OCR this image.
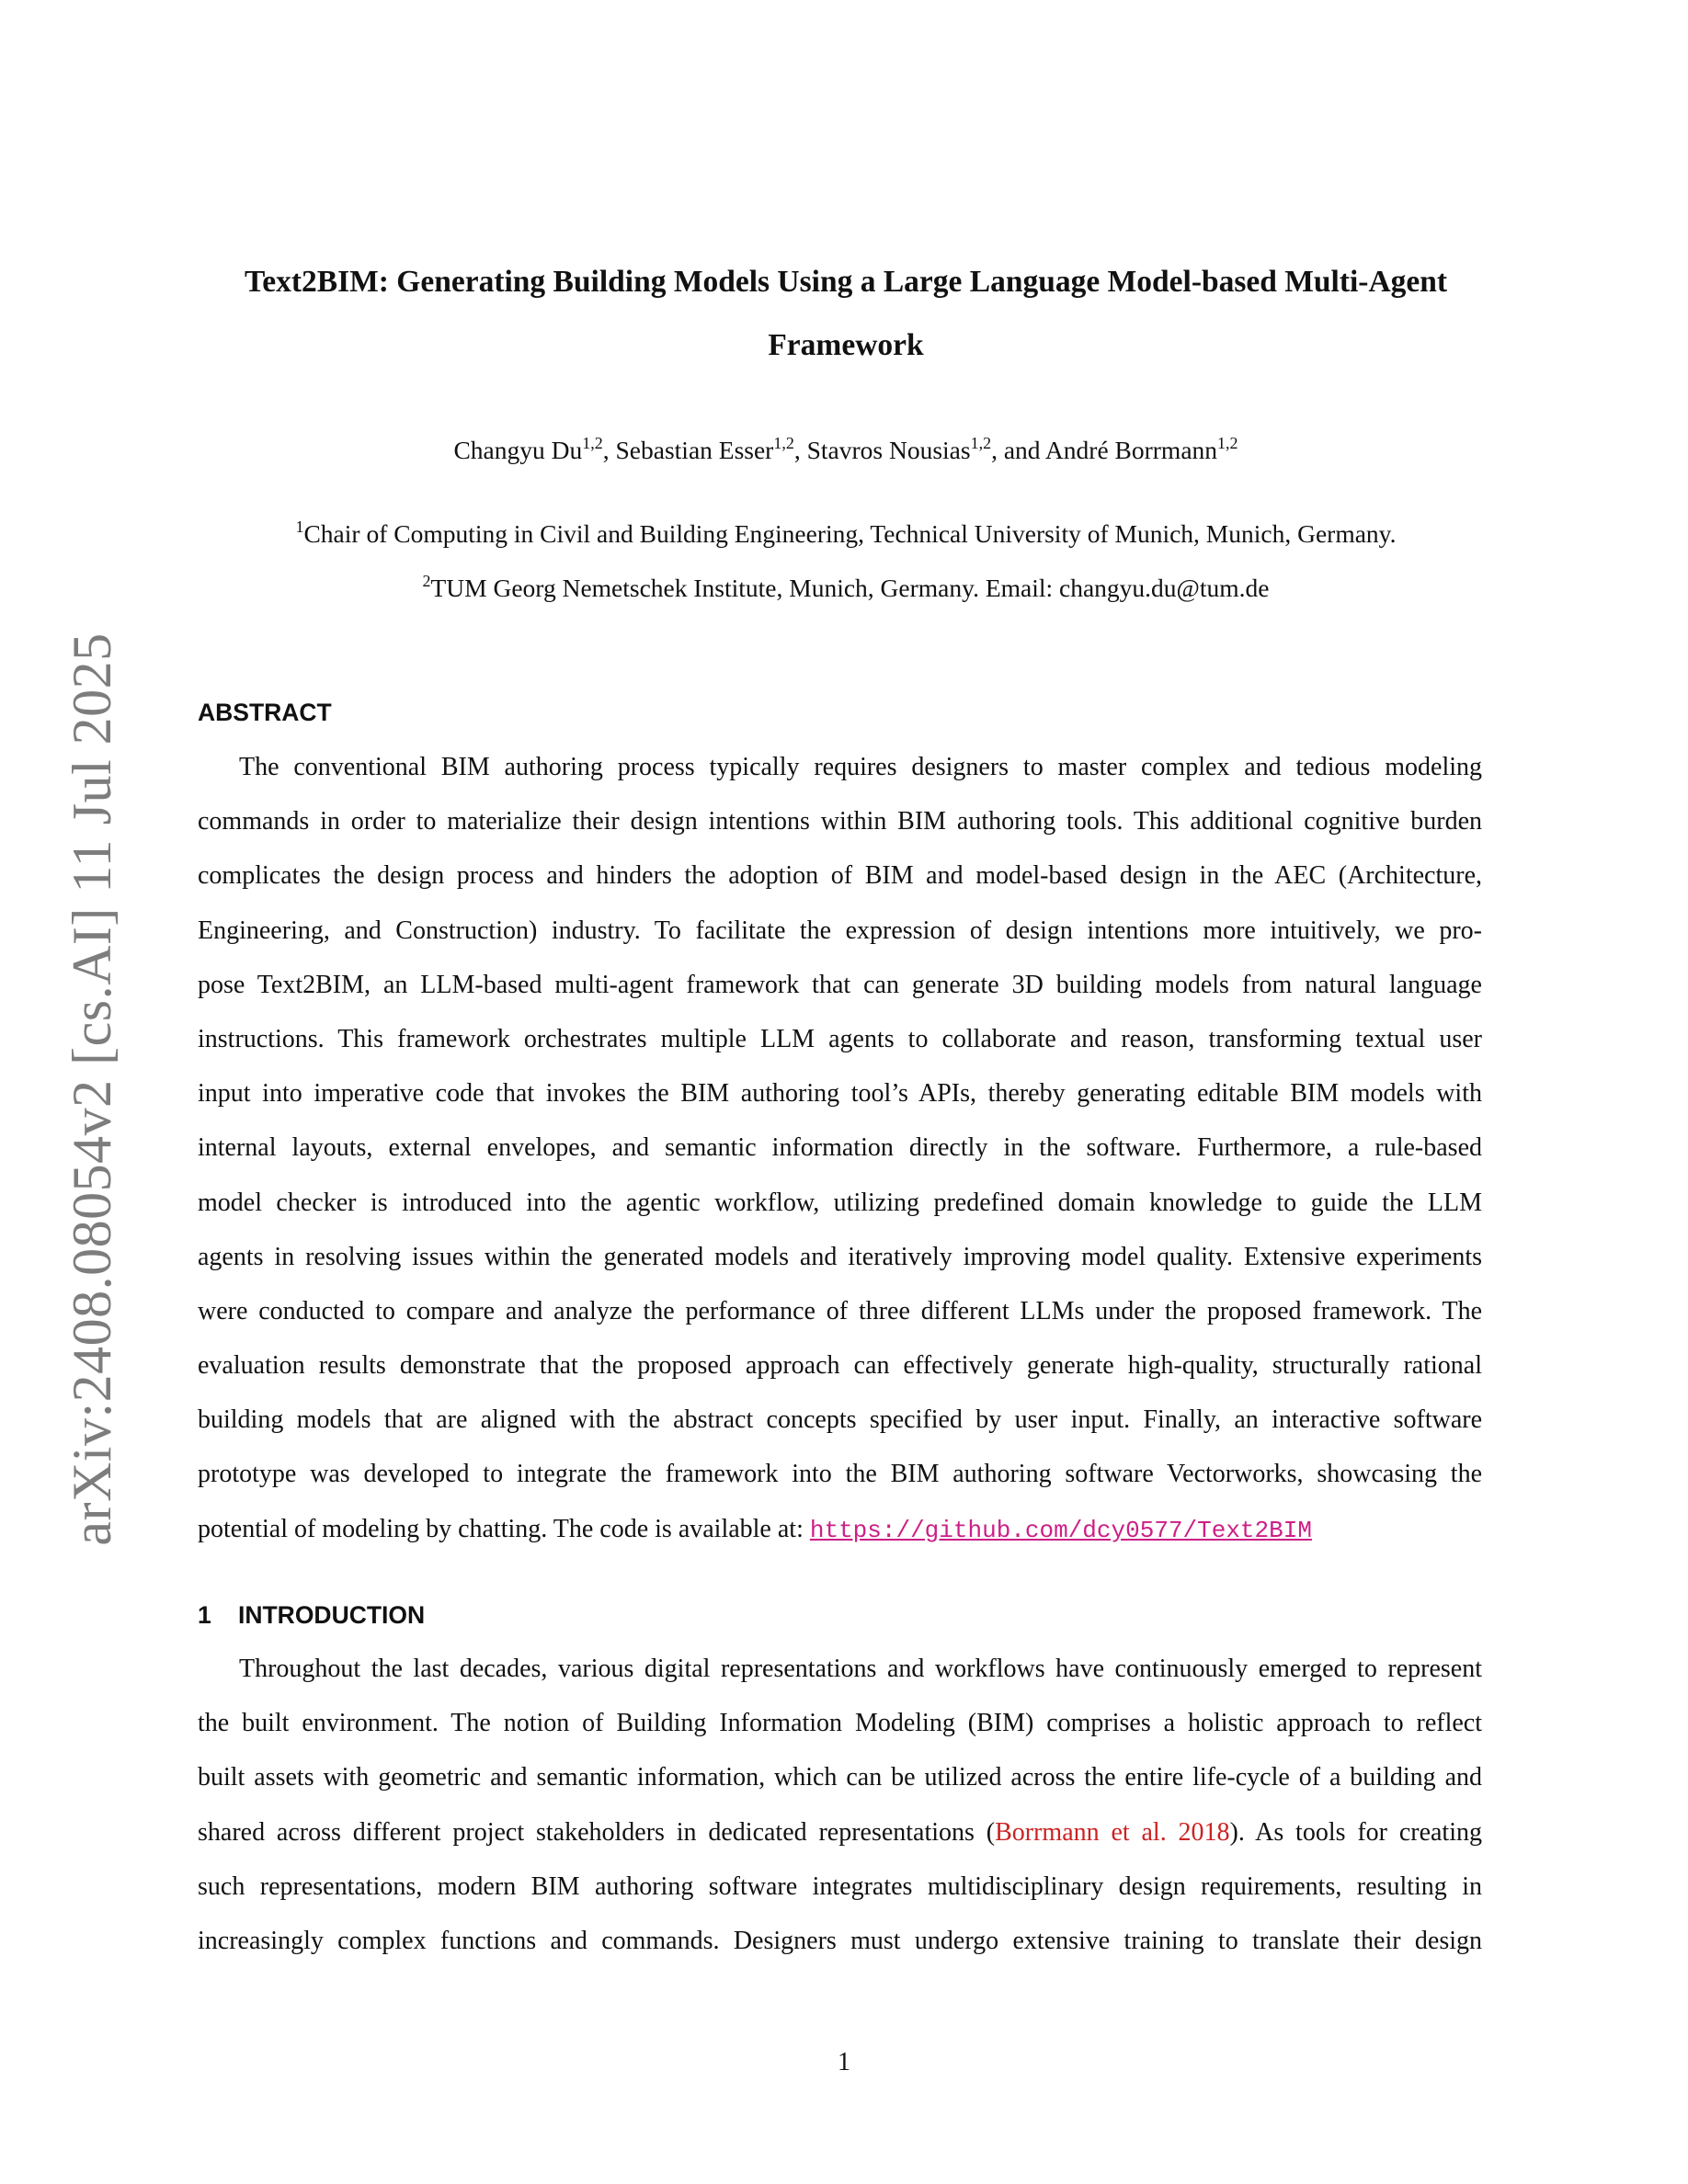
arXiv:2408.08054v2 [cs.AI] 11 Jul 2025
Text2BIM: Generating Building Models Using a Large Language Model-based Multi-Agent
Framework
Changyu Du$^{1,2}$, Sebastian Esser$^{1,2}$, Stavros Nousias$^{1,2}$, and André Borrmann$^{1,2}$
$^1$Chair of Computing in Civil and Building Engineering, Technical University of Munich, Munich, Germany.
$^2$TUM Georg Nemetschek Institute, Munich, Germany. Email: changyu.du@tum.de
ABSTRACT
The conventional BIM authoring process typically requires designers to master complex and tedious modeling
commands in order to materialize their design intentions within BIM authoring tools. This additional cognitive burden
complicates the design process and hinders the adoption of BIM and model-based design in the AEC (Architecture,
Engineering, and Construction) industry. To facilitate the expression of design intentions more intuitively, we pro-
pose Text2BIM, an LLM-based multi-agent framework that can generate 3D building models from natural language
instructions. This framework orchestrates multiple LLM agents to collaborate and reason, transforming textual user
input into imperative code that invokes the BIM authoring tool’s APIs, thereby generating editable BIM models with
internal layouts, external envelopes, and semantic information directly in the software. Furthermore, a rule-based
model checker is introduced into the agentic workflow, utilizing predefined domain knowledge to guide the LLM
agents in resolving issues within the generated models and iteratively improving model quality. Extensive experiments
were conducted to compare and analyze the performance of three different LLMs under the proposed framework. The
evaluation results demonstrate that the proposed approach can effectively generate high-quality, structurally rational
building models that are aligned with the abstract concepts specified by user input. Finally, an interactive software
prototype was developed to integrate the framework into the BIM authoring software Vectorworks, showcasing the
potential of modeling by chatting. The code is available at: https://github.com/dcy0577/Text2BIM
1 INTRODUCTION
Throughout the last decades, various digital representations and workflows have continuously emerged to represent
the built environment. The notion of Building Information Modeling (BIM) comprises a holistic approach to reflect
built assets with geometric and semantic information, which can be utilized across the entire life-cycle of a building and
shared across different project stakeholders in dedicated representations (Borrmann et al. 2018). As tools for creating
such representations, modern BIM authoring software integrates multidisciplinary design requirements, resulting in
increasingly complex functions and commands. Designers must undergo extensive training to translate their design
1
